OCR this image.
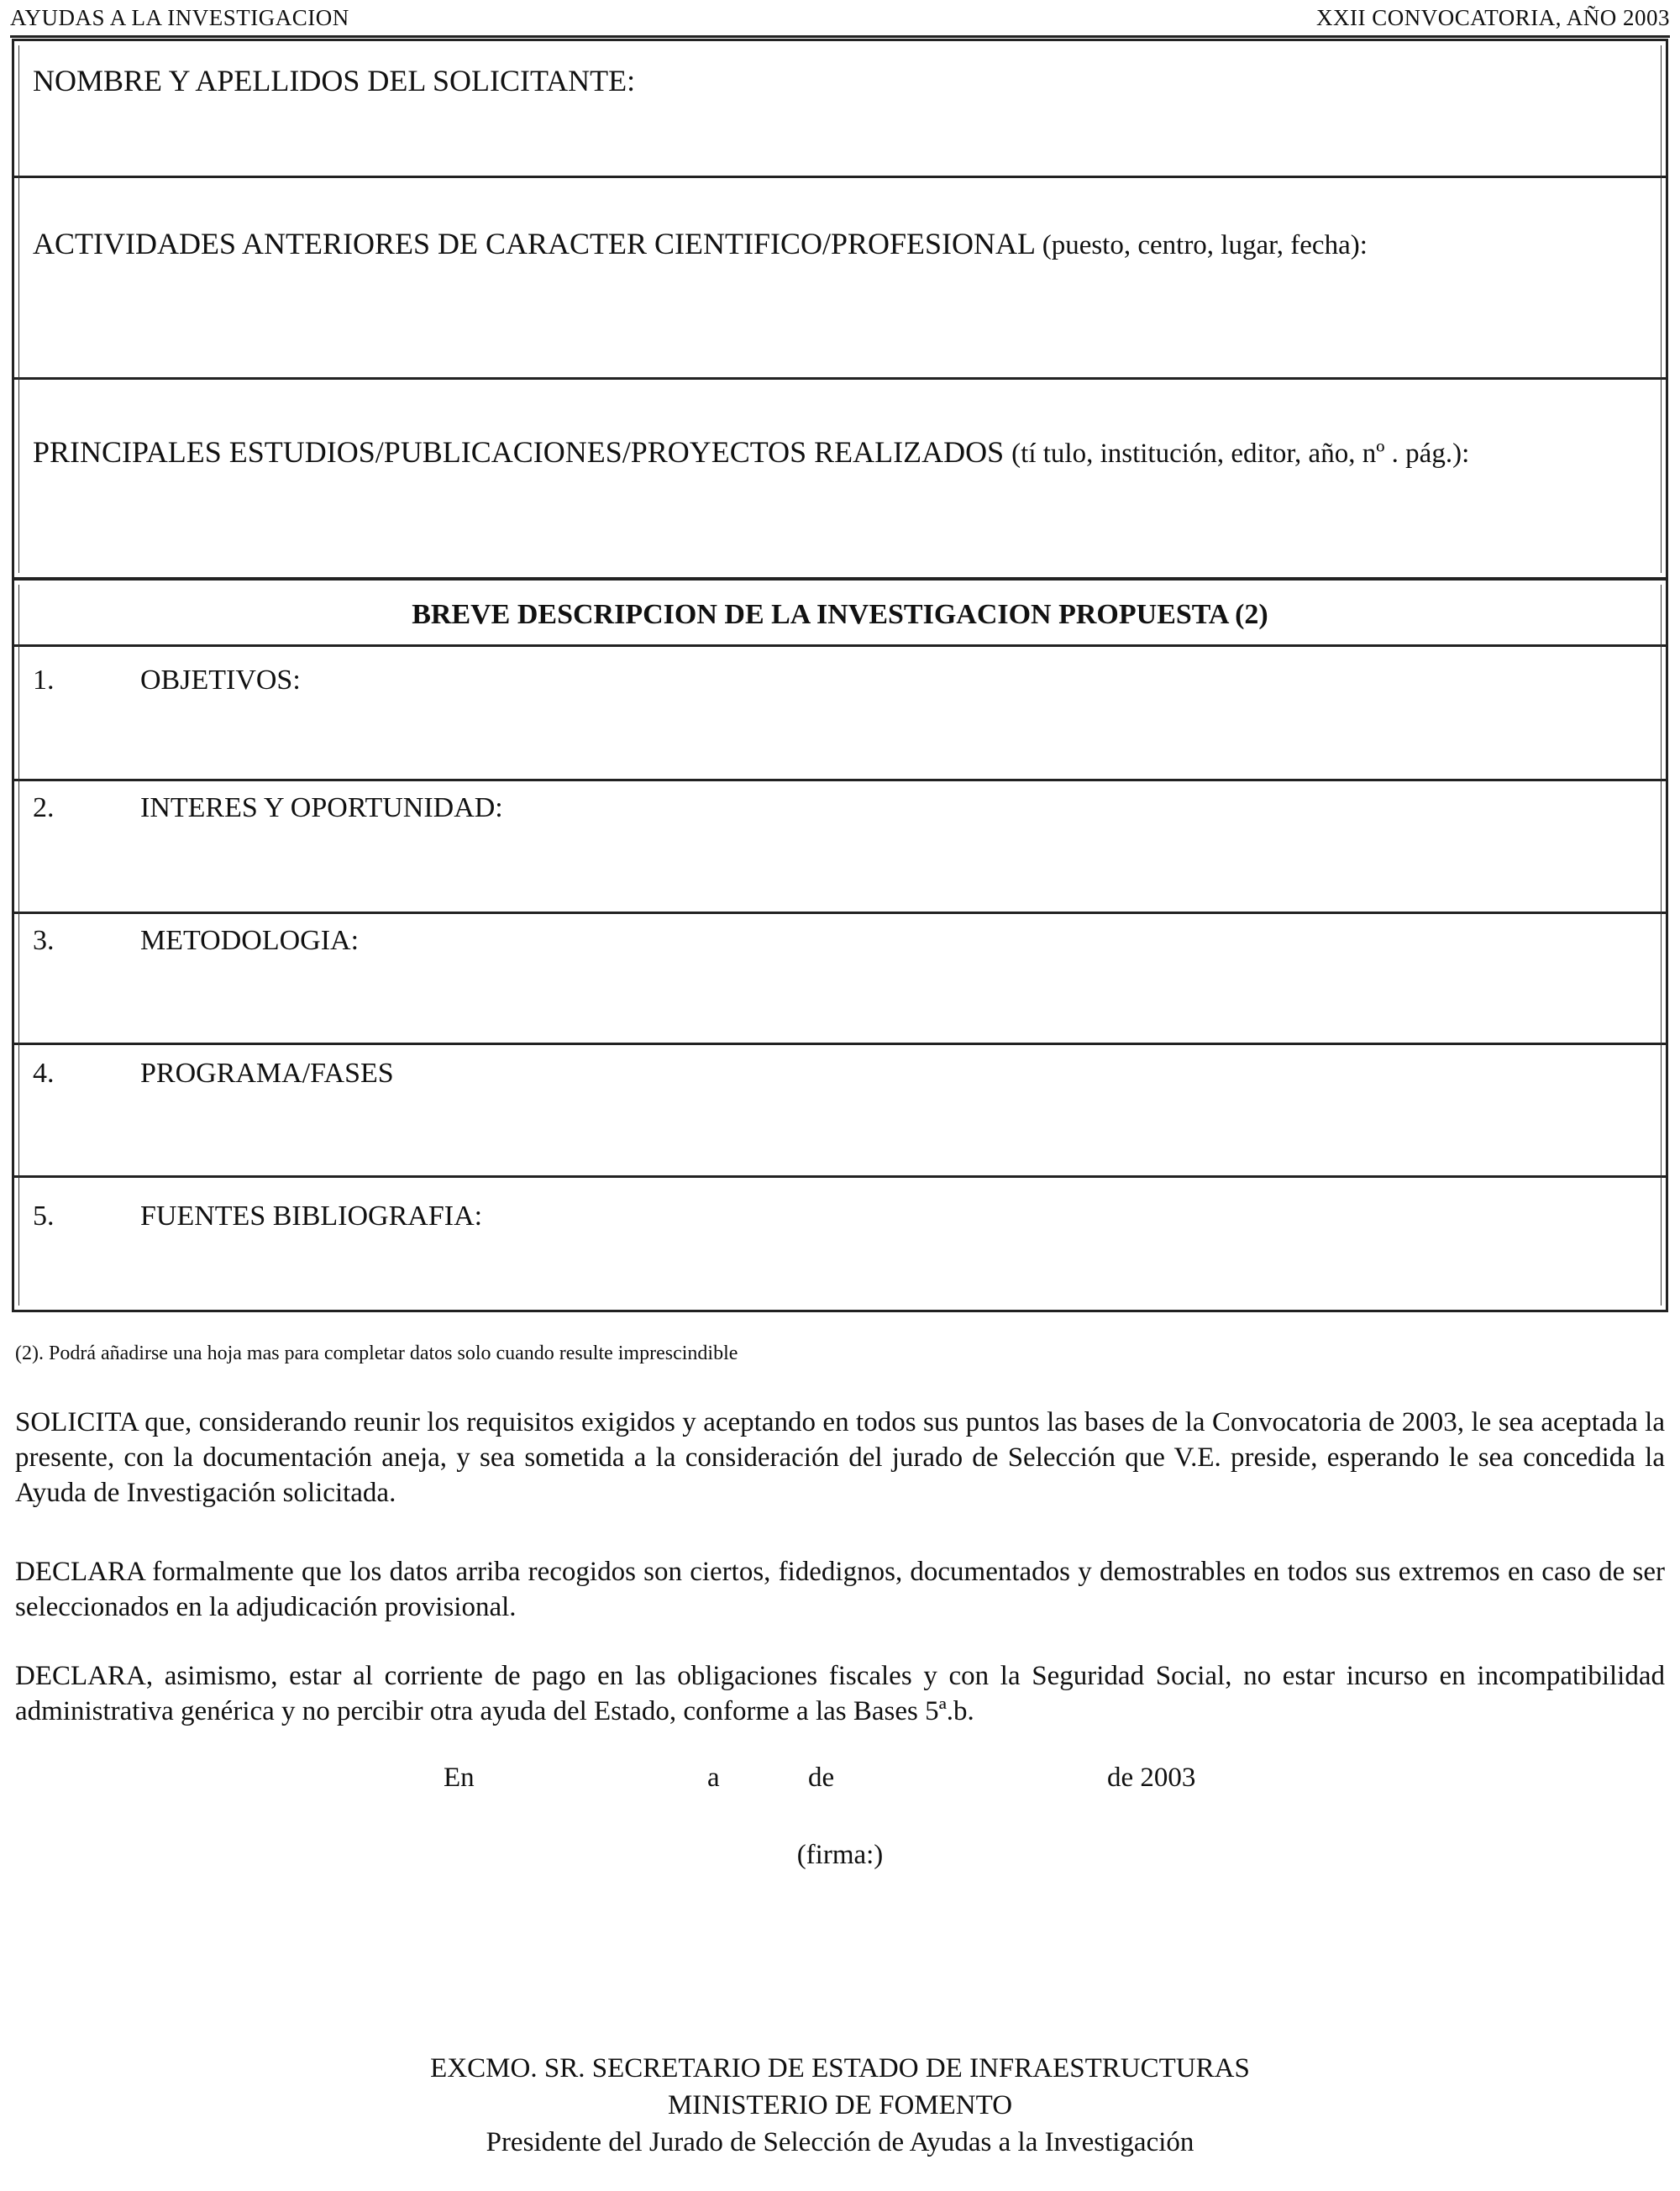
AYUDAS A LA INVESTIGACION	XXII CONVOCATORIA, AÑO 2003
NOMBRE Y APELLIDOS DEL SOLICITANTE:
ACTIVIDADES ANTERIORES DE CARACTER CIENTIFICO/PROFESIONAL (puesto, centro, lugar, fecha):
PRINCIPALES ESTUDIOS/PUBLICACIONES/PROYECTOS REALIZADOS (tí tulo, institución, editor, año, nº . pág.):
BREVE DESCRIPCION DE LA INVESTIGACION PROPUESTA (2)
1.	OBJETIVOS:
2.	INTERES Y OPORTUNIDAD:
3.	METODOLOGIA:
4.	PROGRAMA/FASES
5.	FUENTES BIBLIOGRAFIA:
(2). Podrá añadirse una hoja mas para completar datos solo cuando resulte imprescindible
SOLICITA que, considerando reunir los requisitos exigidos y aceptando en todos sus puntos las bases de la Convocatoria de 2003, le sea aceptada la presente, con la documentación aneja, y sea sometida a la consideración del jurado de Selección que V.E. preside, esperando le sea concedida la Ayuda de Investigación solicitada.
DECLARA formalmente que los datos arriba recogidos son ciertos, fidedignos, documentados y demostrables en todos sus extremos en caso de ser seleccionados en la adjudicación provisional.
DECLARA, asimismo, estar al corriente de pago en las obligaciones fiscales y con la Seguridad Social, no estar incurso en incompatibilidad administrativa genérica y no percibir otra ayuda del Estado, conforme a las Bases 5ª.b.
En	a	de	de 2003
(firma:)
EXCMO. SR. SECRETARIO DE ESTADO DE INFRAESTRUCTURAS
MINISTERIO DE FOMENTO
Presidente del Jurado de Selección de Ayudas a la Investigación
